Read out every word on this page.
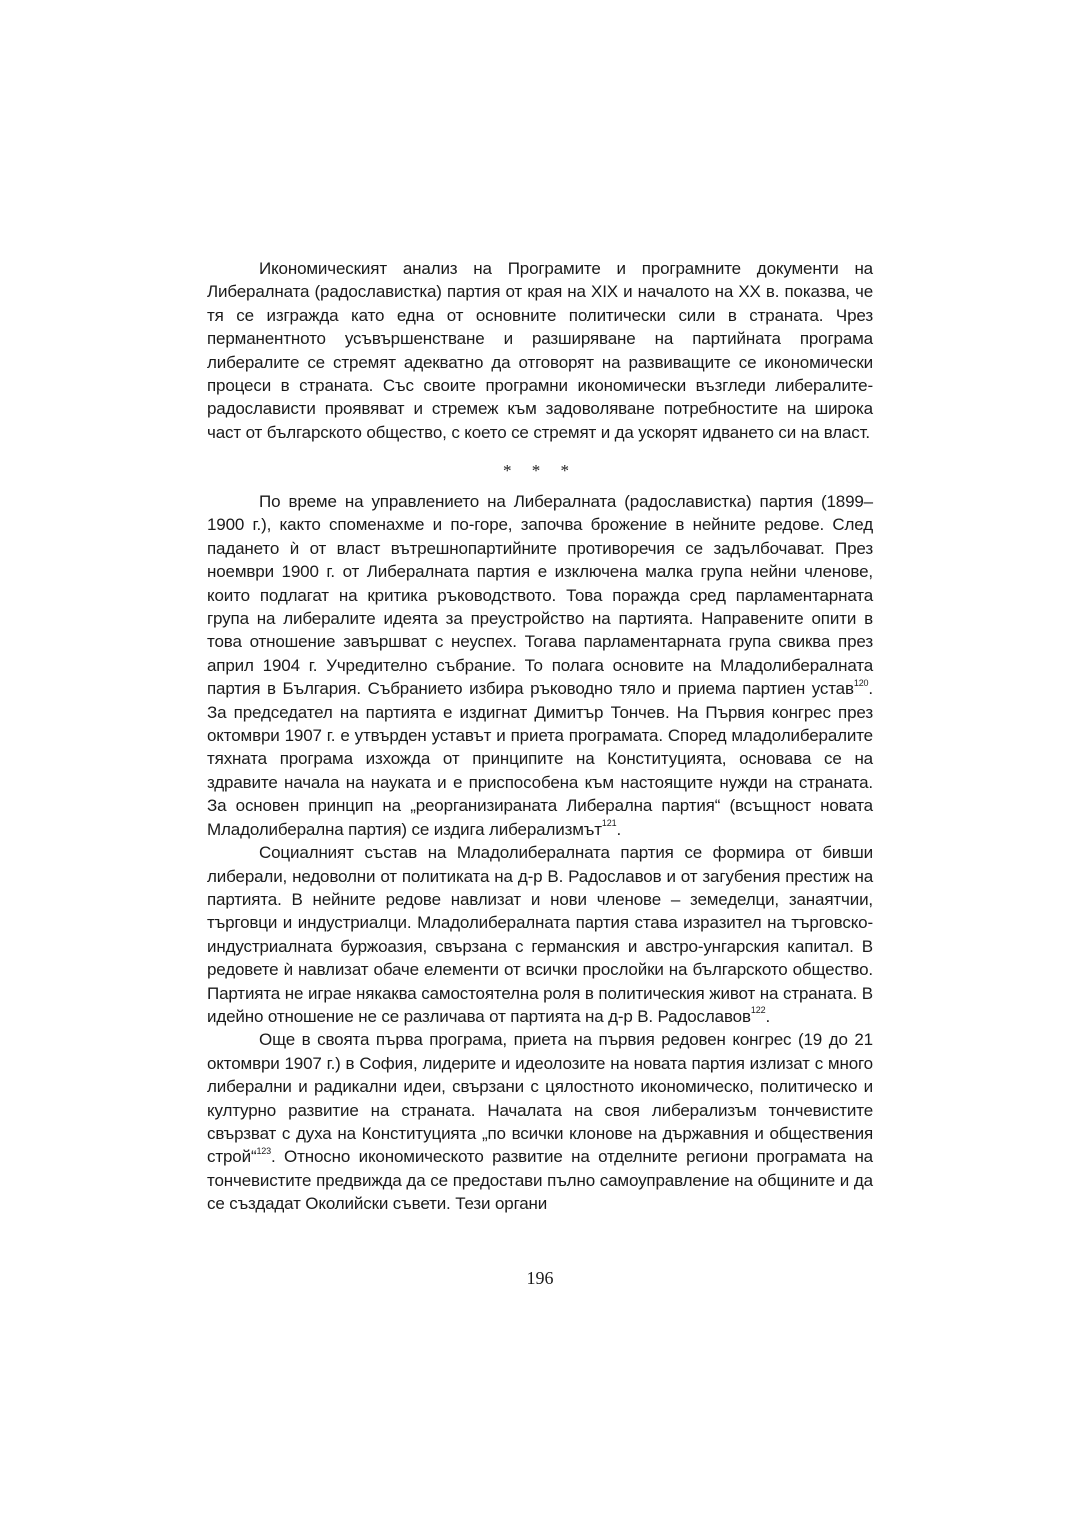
Икономическият анализ на Програмите и програмните документи на Либералната (радославистка) партия от края на XIX и началото на XX в. показва, че тя се изгражда като една от основните политически сили в страната. Чрез перманентното усъвършенстване и разширяване на партийната програма либералите се стремят адекватно да отговорят на развиващите се икономически процеси в страната. Със своите програмни икономически възгледи либералите-радослависти проявяват и стремеж към задоволяване потребностите на широка част от българското общество, с което се стремят и да ускорят идването си на власт.

* * *

По време на управлението на Либералната (радославистка) партия (1899–1900 г.), както споменахме и по-горе, започва брожение в нейните редове. След падането ѝ от власт вътрешнопартийните противоречия се задълбочават. През ноември 1900 г. от Либералната партия е изключена малка група нейни членове, които подлагат на критика ръководството. Това поражда сред парламентарната група на либералите идеята за преустройство на партията. Направените опити в това отношение завършват с неуспех. Тогава парламентарната група свиква през април 1904 г. Учредително събрание. То полага основите на Младолибералната партия в България. Събранието избира ръководно тяло и приема партиен устав$^{120}$. За председател на партията е издигнат Димитър Тончев. На Първия конгрес през октомври 1907 г. е утвърден уставът и приета програмата. Според младолибералите тяхната програма изхожда от принципите на Конституцията, основава се на здравите начала на науката и е приспособена към настоящите нужди на страната. За основен принцип на „реорганизираната Либерална партия“ (всъщност новата Младолиберална партия) се издига либерализмът$^{121}$.

Социалният състав на Младолибералната партия се формира от бивши либерали, недоволни от политиката на д-р В. Радославов и от загубения престиж на партията. В нейните редове навлизат и нови членове – земеделци, занаятчии, търговци и индустриалци. Младолибералната партия става изразител на търговско-индустриалната буржоазия, свързана с германския и австро-унгарския капитал. В редовете ѝ навлизат обаче елементи от всички прослойки на българското общество. Партията не играе някаква самостоятелна роля в политическия живот на страната. В идейно отношение не се различава от партията на д-р В. Радославов$^{122}$.

Още в своята първа програма, приета на първия редовен конгрес (19 до 21 октомври 1907 г.) в София, лидерите и идеолозите на новата партия излизат с много либерални и радикални идеи, свързани с цялостното икономическо, политическо и културно развитие на страната. Началата на своя либерализъм тончевистите свързват с духа на Конституцията „по всички клонове на държавния и обществения строй“$^{123}$. Относно икономическото развитие на отделните региони програмата на тончевистите предвижда да се предостави пълно самоуправление на общините и да се създадат Околийски съвети. Тези органи

196
